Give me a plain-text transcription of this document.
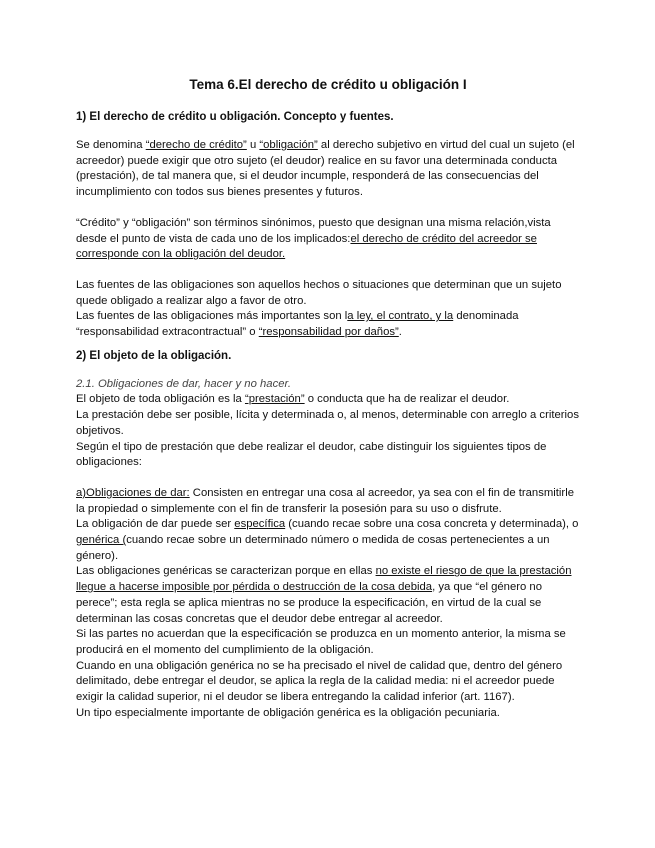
Tema 6.El derecho de crédito u obligación I
1) El derecho de crédito u obligación. Concepto y fuentes.

Se denomina “derecho de crédito” u “obligación” al derecho subjetivo en virtud del cual un sujeto (el acreedor) puede exigir que otro sujeto (el deudor) realice en su favor una determinada conducta (prestación), de tal manera que, si el deudor incumple, responderá de las consecuencias del incumplimiento con todos sus bienes presentes y futuros.

“Crédito” y “obligación” son términos sinónimos, puesto que designan una misma relación,vista desde el punto de vista de cada uno de los implicados:el derecho de crédito del acreedor se corresponde con la obligación del deudor.

Las fuentes de las obligaciones son aquellos hechos o situaciones que determinan que un sujeto quede obligado a realizar algo a favor de otro.

Las fuentes de las obligaciones más importantes son la ley, el contrato, y la denominada “responsabilidad extracontractual” o “responsabilidad por daños”.

2) El objeto de la obligación.

2.1. Obligaciones de dar, hacer y no hacer.

El objeto de toda obligación es la “prestación” o conducta que ha de realizar el deudor.

La prestación debe ser posible, lícita y determinada o, al menos, determinable con arreglo a criterios objetivos.

Según el tipo de prestación que debe realizar el deudor, cabe distinguir los siguientes tipos de obligaciones:

a)Obligaciones de dar: Consisten en entregar una cosa al acreedor, ya sea con el fin de transmitirle la propiedad o simplemente con el fin de transferir la posesión para su uso o disfrute.

La obligación de dar puede ser específica (cuando recae sobre una cosa concreta y determinada), o genérica (cuando recae sobre un determinado número o medida de cosas pertenecientes a un género).

Las obligaciones genéricas se caracterizan porque en ellas no existe el riesgo de que la prestación llegue a hacerse imposible por pérdida o destrucción de la cosa debida, ya que “el género no perece”; esta regla se aplica mientras no se produce la especificación, en virtud de la cual se determinan las cosas concretas que el deudor debe entregar al acreedor.

Si las partes no acuerdan que la especificación se produzca en un momento anterior, la misma se producirá en el momento del cumplimiento de la obligación.

Cuando en una obligación genérica no se ha precisado el nivel de calidad que, dentro del género delimitado, debe entregar el deudor, se aplica la regla de la calidad media: ni el acreedor puede exigir la calidad superior, ni el deudor se libera entregando la calidad inferior (art. 1167).

Un tipo especialmente importante de obligación genérica es la obligación pecuniaria.
